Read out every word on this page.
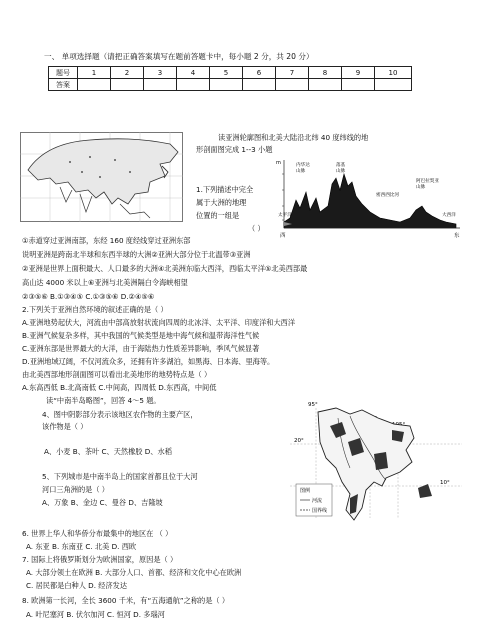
一、 单项选择题（请把正确答案填写在题前答题卡中，每小题 2 分，共 20 分）
题号	1	2	3	4	5	6	7	8	9	10
答案										
读亚洲轮廓图和北美大陆沿北纬 40 度纬线的地
形剖面图完成 1--3 小题
1.下列描述中完全
属于大洲的地理
位置的一组是
（ ）
m	内华达
山脉
落基
山脉
密西西比河
阿巴拉契亚
山脉
太平洋	大西洋
西	东
①赤道穿过亚洲南部，东经 160 度经线穿过亚洲东部
说明亚洲是跨南北半球和东西半球的大洲②亚洲大部分位于北温带③亚洲
②亚洲是世界上面积最大、人口最多的大洲④北美洲东临大西洋，西临太平洋⑤北美西部最
高山达 4000 米以上⑥亚洲与北美洲隔白令海峡相望
②③⑤⑥ B.①③④⑤ C.①③⑤⑥ D.②④⑤⑥
2.下列关于亚洲自然环境的叙述正确的是（ ）
A.亚洲地势起伏大，河流由中部高放射状流向四周的北冰洋、太平洋、印度洋和大西洋
B.亚洲气候复杂多样，其中我国的气候类型是地中海气候和温带海洋性气候
C.亚洲东部是世界最大的大洋，由于海陆热力性质差异影响，季风气候显著
D.亚洲地域辽阔，不仅河流众多，还拥有许多湖泊，如黑海、日本海、里海等。
由北美西部地形剖面图可以看出北美地形的地势特点是（ ）
A.东高西低 B.北高南低 C.中间高，四周低 D.东西高，中间低
读“中南半岛略图”，回答 4～5 题。
4、图中阴影部分表示该地区农作物的主要产区，
该作物是（ ）
A、小麦 B、茶叶 C、天然橡胶 D、水稻
5、下列城市是中南半岛上的国家首都且位于大河
河口三角洲的是（ ）
A、万象 B、金边 C、曼谷 D、吉隆坡
95°
20°
10°
图例
河流
国界线
6. 世界上华人和华侨分布最集中的地区在 （ ）
A. 东亚 B. 东南亚 C. 北美 D. 西欧
7. 国际上将俄罗斯划分为欧洲国家，原因是（ ）
A. 大部分领土在欧洲 B. 大部分人口、首都、经济和文化中心在欧洲
C. 居民都是白种人 D. 经济发达
8. 欧洲第一长河，全长 3600 千米，有“五海通航”之称的是（ ）
A. 叶尼塞河 B. 伏尔加河 C. 恒河 D. 多瑙河
